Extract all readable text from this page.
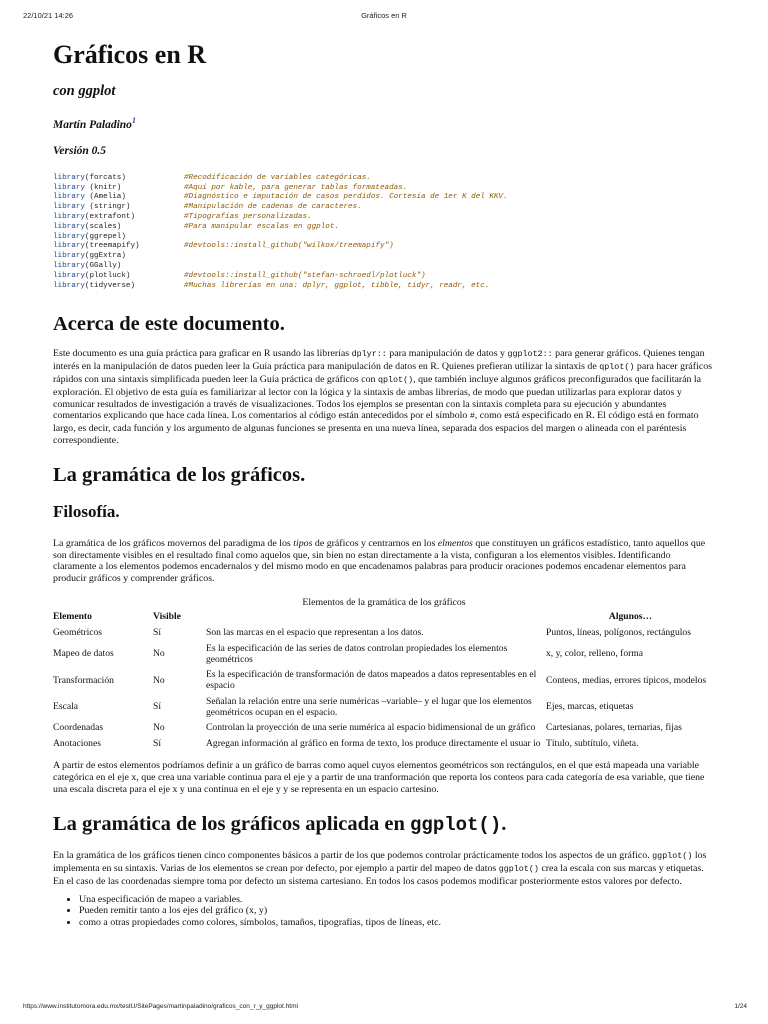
22/10/21 14:26	Gráficos en R
Gráficos en R
con ggplot
Martín Paladino$^1$
Versión 0.5
library(forcats)	#Recodificación de variables categóricas.
library (knitr)	#Aquí por kable, para generar tablas formateadas.
library (Amelia)	#Diagnóstico e imputación de casos perdidos. Cortesía de 1er K del KKV.
library (stringr)	#Manipulación de cadenas de caracteres.
library(extrafont)	#Tipografías personalizadas.
library(scales)	#Para manipular escalas en ggplot.
library(ggrepel)
library(treemapify)	#devtools::install_github("wilkox/treemapify")
library(ggExtra)
library(GGally)
library(plotluck)	#devtools::install_github("stefan-schroedl/plotluck")
library(tidyverse)	#Muchas librerías en una: dplyr, ggplot, tibble, tidyr, readr, etc.
Acerca de este documento.

Este documento es una guía práctica para graficar en R usando las librerías dplyr:: para manipulación de datos y ggplot2:: para generar gráficos. Quienes tengan interés en la manipulación de datos pueden leer la Guía práctica para manipulación de datos en R. Quienes prefieran utilizar la sintaxis de qplot() para hacer gráficos rápidos con una sintaxis simplificada pueden leer la Guía práctica de gráficos con qplot(), que también incluye algunos gráficos preconfigurados que facilitarán la exploración. El objetivo de esta guía es familiarizar al lector con la lógica y la sintaxis de ambas librerías, de modo que puedan utilizarlas para explorar datos y comunicar resultados de investigación a través de visualizaciones. Todos los ejemplos se presentan con la sintaxis completa para su ejecución y abundantes comentarios explicando que hace cada línea. Los comentarios al código están antecedidos por el símbolo #, como está especificado en R. El código está en formato largo, es decir, cada función y los argumento de algunas funciones se presenta en una nueva línea, separada dos espacios del margen o alineada con el paréntesis correspondiente.

La gramática de los gráficos.
Filosofía.

La gramática de los gráficos movernos del paradigma de los tipos de gráficos y centrarnos en los elmentos que constituyen un gráficos estadístico, tanto aquellos que son directamente visibles en el resultado final como aquelos que, sin bien no estan directamente a la vista, configuran a los elementos visibles. Identificando claramente a los elementos podemos encadernalos y del mismo modo en que encadenamos palabras para producir oraciones podemos encadenar elementos para producir gráficos y comprender gráficos.

Elementos de la gramática de los gráficos
Elemento	Visible		Algunos…
Geométricos	Sí	Son las marcas en el espacio que representan a los datos.	Puntos, líneas, polígonos, rectángulos
Mapeo de datos	No	Es la especificación de las series de datos controlan propiedades los elementos geométricos	x, y, color, relleno, forma
Transformación	No	Es la especificación de transformación de datos mapeados a datos representables en el espacio	Conteos, medias, errores típicos, modelos
Escala	Sí	Señalan la relación entre una serie numéricas –variable– y el lugar que los elementos geométricos ocupan en el espacio.	Ejes, marcas, etiquetas
Coordenadas	No	Controlan la proyección de una serie numérica al espacio bidimensional de un gráfico	Cartesianas, polares, ternarias, fijas
Anotaciones	Sí	Agregan información al gráfico en forma de texto, los produce directamente el usuar io	Título, subtítulo, viñeta.

A partir de estos elementos podríamos definir a un gráfico de barras como aquel cuyos elementos geométricos son rectángulos, en el que está mapeada una variable categórica en el eje x, que crea una variable continua para el eje y a partir de una tranformación que reporta los conteos para cada categoría de esa variable, que tiene una escala discreta para el eje x y una continua en el eje y y se representa en un espacio cartesino.

La gramática de los gráficos aplicada en ggplot().

En la gramática de los gráficos tienen cinco componentes básicos a partir de los que podemos controlar prácticamente todos los aspectos de un gráfico. ggplot() los implementa en su sintaxis. Varias de los elementos se crean por defecto, por ejemplo a partir del mapeo de datos ggplot() crea la escala con sus marcas y etiquetas. En el caso de las coordenadas siempre toma por defecto un sistema cartesiano. En todos los casos podemos modificar posteriormente estos valores por defecto.

• Una especificación de mapeo a variables.
• Pueden remitir tanto a los ejes del gráfico (x, y)
• como a otras propiedades como colores, símbolos, tamaños, tipografías, tipos de líneas, etc.
https://www.institutomora.edu.mx/testU/SitePages/martinpaladino/graficos_con_r_y_ggplot.html	1/24
